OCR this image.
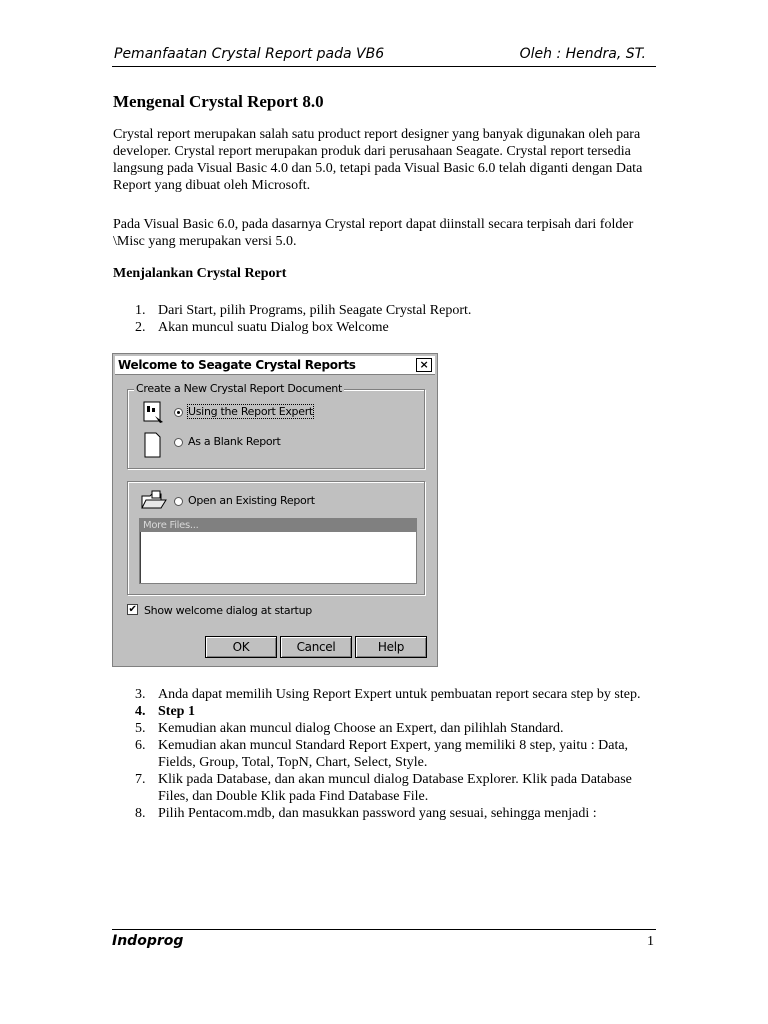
Pemanfaatan Crystal Report pada VB6	Oleh : Hendra, ST.
Mengenal Crystal Report 8.0

Crystal report merupakan salah satu product report designer yang banyak digunakan oleh para developer. Crystal report merupakan produk dari perusahaan Seagate. Crystal report tersedia langsung pada Visual Basic 4.0 dan 5.0, tetapi pada Visual Basic 6.0 telah diganti dengan Data Report yang dibuat oleh Microsoft.

Pada Visual Basic 6.0, pada dasarnya Crystal report dapat diinstall secara terpisah dari folder \Misc yang merupakan versi 5.0.

Menjalankan Crystal Report
1. Dari Start, pilih Programs, pilih Seagate Crystal Report.
2. Akan muncul suatu Dialog box Welcome
Welcome to Seagate Crystal Reports	×
Create a New Crystal Report Document
Using the Report Expert
As a Blank Report
Open an Existing Report
More Files...
✔ Show welcome dialog at startup
OK	Cancel	Help
3. Anda dapat memilih Using Report Expert untuk pembuatan report secara step by step.
4. Step 1
5. Kemudian akan muncul dialog Choose an Expert, dan pilihlah Standard.
6. Kemudian akan muncul Standard Report Expert, yang memiliki 8 step, yaitu : Data, Fields, Group, Total, TopN, Chart, Select, Style.
7. Klik pada Database, dan akan muncul dialog Database Explorer. Klik pada Database Files, dan Double Klik pada Find Database File.
8. Pilih Pentacom.mdb, dan masukkan password yang sesuai, sehingga menjadi :
Indoprog	1
